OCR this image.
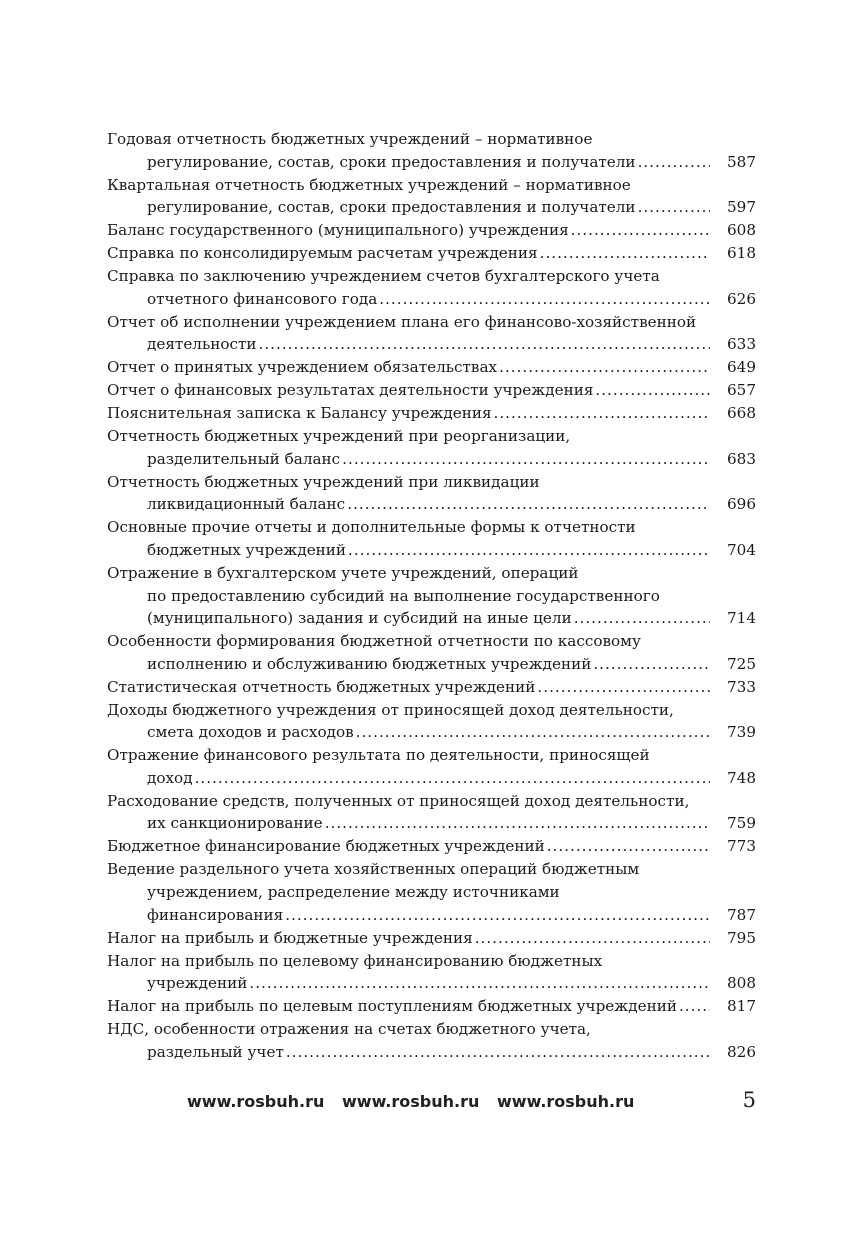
Годовая отчетность бюджетных учреждений – нормативное
регулирование, состав, сроки предоставления и получатели .....	587
Квартальная отчетность бюджетных учреждений – нормативное
регулирование, состав, сроки предоставления и получатели .....	597
Баланс государственного (муниципального) учреждения .....	608
Справка по консолидируемым расчетам учреждения .....	618
Справка по заключению учреждением счетов бухгалтерского учета
отчетного финансового года .....	626
Отчет об исполнении учреждением плана его финансово-хозяйственной
деятельности .....	633
Отчет о принятых учреждением обязательствах .....	649
Отчет о финансовых результатах деятельности учреждения .....	657
Пояснительная записка к Балансу учреждения .....	668
Отчетность бюджетных учреждений при реорганизации,
разделительный баланс .....	683
Отчетность бюджетных учреждений при ликвидации
ликвидационный баланс .....	696
Основные прочие отчеты и дополнительные формы к отчетности
бюджетных учреждений .....	704
Отражение в бухгалтерском учете учреждений, операций
по предоставлению субсидий на выполнение государственного
(муниципального) задания и субсидий на иные цели .....	714
Особенности формирования бюджетной отчетности по кассовому
исполнению и обслуживанию бюджетных учреждений .....	725
Статистическая отчетность бюджетных учреждений .....	733
Доходы бюджетного учреждения от приносящей доход деятельности,
смета доходов и расходов .....	739
Отражение финансового результата по деятельности, приносящей
доход .....	748
Расходование средств, полученных от приносящей доход деятельности,
их санкционирование .....	759
Бюджетное финансирование бюджетных учреждений .....	773
Ведение раздельного учета хозяйственных операций бюджетным
учреждением, распределение между источниками
финансирования .....	787
Налог на прибыль и бюджетные учреждения .....	795
Налог на прибыль по целевому финансированию бюджетных
учреждений .....	808
Налог на прибыль по целевым поступлениям бюджетных учреждений .....	817
НДС, особенности отражения на счетах бюджетного учета,
раздельный учет .....	826
www.rosbuh.ru www.rosbuh.ru www.rosbuh.ru	5
